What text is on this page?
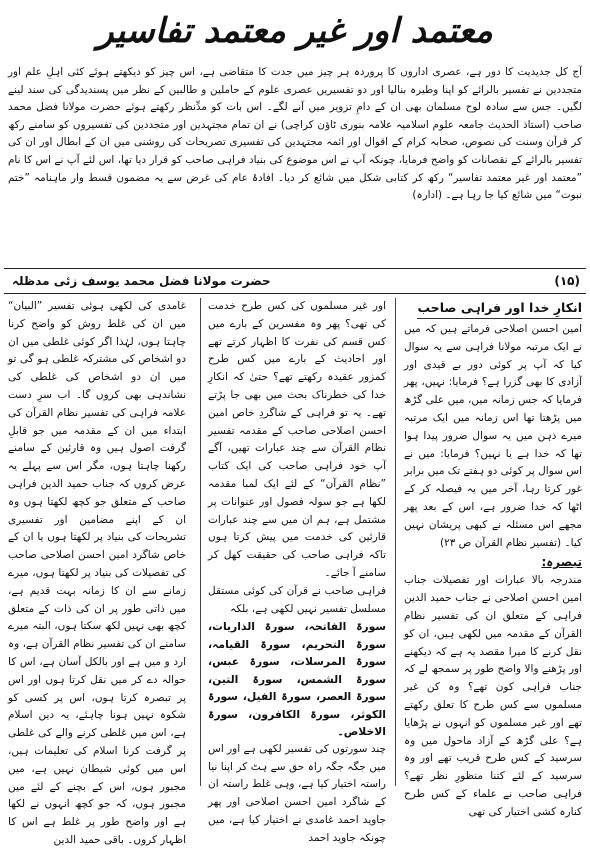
معتمد اور غیر معتمد تفاسیر

آج کل جدیدیت کا دور ہے، عصری اداروں کا پروردہ ہر چیز میں جدت کا متقاضی ہے، اس چیز کو دیکھتے ہوئے کئی اہلِ علم اور متجددین نے تفسیر بالرائے کو اپنا وطیرہ بنالیا اور دو تفسیریں عصری علوم کے حاملین و طالبین کے نظر میں پسندیدگی کی سند لینے لگیں۔ جس سے سادہ لوح مسلمان بھی ان کے دامِ تزویر میں آنے لگے۔ اس بات کو مدِّنظر رکھتے ہوئے حضرت مولانا فضل محمد صاحب (استاذ الحدیث جامعہ علوم اسلامیہ علامہ بنوری ٹاؤن کراچی) نے ان تمام مجتہدین اور متجددین کی تفسیروں کو سامنے رکھ کر قرآن وسنت کی نصوص، صحابہ کرام کے اقوال اور ائمہ مجتہدین کی تفسیری تصریحات کی روشنی میں ان کے ابطال اور ان کی تفسیر بالرائے کے نقصانات کو واضح فرمایا، چونکہ آپ نے اس موضوع کی بنیاد فراہی صاحب کو قرار دیا تھا، اس لئے آپ نے اس کا نام ”معتمد اور غیر معتمد تفاسیر“ رکھ کر کتابی شکل میں شائع کر دیا۔ افادۂ عام کی غرض سے یہ مضمون قسط وار ماہنامہ ”ختم نبوت“ میں شائع کیا جا رہا ہے۔ (ادارہ)

(۱۵)
حضرت مولانا فضل محمد یوسف زئی مدظلہ
انکارِ خدا اور فراہی صاحب

امین احسن اصلاحی فرماتے ہیں کہ میں نے ایک مرتبہ مولانا فراہی سے یہ سوال کیا کہ آپ پر کوئی دور بے قیدی اور آزادی کا بھی گزرا ہے؟ فرمایا: نہیں، پھر فرمایا کہ جس زمانہ میں، میں علی گڑھ میں پڑھتا تھا اس زمانہ میں ایک مرتبہ میرے ذہن میں یہ سوال ضرور پیدا ہوا تھا کہ خدا ہے یا نہیں؟ فرمایا: میں نے اس سوال پر کوئی دو ہفتے تک میں برابر غور کرتا رہا، آخر میں یہ فیصلہ کر کے اٹھا کہ خدا ضرور ہے، اس کے بعد پھر مجھے اس مسئلہ نے کبھی پریشان نہیں کیا۔ (تفسیر نظام القرآن ص ۲۳)

تبصرہ:

مندرجہ بالا عبارات اور تفصیلات جناب امین احسن اصلاحی نے جناب حمید الدین فراہی کے متعلق ان کی تفسیر نظام القرآن کے مقدمہ میں لکھی ہیں، ان کو نقل کرنے کا میرا مقصد یہ ہے کہ دیکھنے اور پڑھنے والا واضح طور پر سمجھ لے کہ جناب فراہی کون تھے؟ وہ کن غیر مسلموں سے کس طرح کا تعلق رکھتے تھے اور غیر مسلموں کو انہوں نے پڑھایا ہے؟ علی گڑھ کے آزاد ماحول میں وہ سرسید کے کس طرح قریب تھے اور وہ سرسید کے لئے کتنا منظورِ نظر تھے؟ فراہی صاحب نے علماء کے کس طرح کنارہ کشی اختیار کی تھی

اور غیر مسلموں کی کس طرح خدمت کی تھی؟ پھر وہ مفسرین کے بارے میں کس قسم کی نفرت کا اظہار کرتے تھے اور احادیث کے بارے میں کس طرح کمزور عقیدہ رکھتے تھے؟ حتیٰ کہ انکارِ خدا کی خطرناک بحث میں بھی جا پڑتے تھے۔ یہ تو فراہی کے شاگردِ خاص امین احسن اصلاحی صاحب کے مقدمہ تفسیر نظام القرآن سے چند عبارات تھیں، آگے آپ خود فراہی صاحب کی ایک کتاب ”نظام القرآن“ کے لئے ایک لمبا مقدمہ لکھا ہے جو سولہ فصول اور عنوانات پر مشتمل ہے، ہم ان میں سے چند عبارات قارئین کی خدمت میں پیش کرتا ہوں تاکہ فراہی صاحب کی حقیقت کھل کر سامنے آ جائے۔

فراہی صاحب نے قرآن کی کوئی مستقل مسلسل تفسیر نہیں لکھی ہے، بلکہ

سورۃ الفاتحہ، سورۃ الذاریات، سورۃ التحریم، سورۃ القیامہ، سورۃ المرسلات، سورۃ عبس، سورۃ الشمس، سورۃ التین، سورۃ العصر، سورۃ الفیل، سورۃ الکوثر، سورۃ الکافرون، سورۃ الاخلاص۔

چند سورتوں کی تفسیر لکھی ہے اور اس میں جگہ جگہ راہ حق سے ہٹ کر اپنا نیا راستہ اختیار کیا ہے، وہی غلط راستہ ان کے شاگرد امین احسن اصلاحی اور پھر جاوید احمد غامدی نے اختیار کیا ہے، میں چونکہ جاوید احمد

غامدی کی لکھی ہوئی تفسیر ”البیان“ میں ان کی غلط روش کو واضح کرنا چاہتا ہوں، لہٰذا اگر کوئی غلطی میں ان دو اشخاص کی مشترکہ غلطی ہو گی تو میں ان دو اشخاص کی غلطی کی نشاندہی بھی کروں گا۔ اب سرِ دست علامہ فراہی کی تفسیر نظام القرآن کی ابتداء میں ان کے مقدمہ میں جو قابلِ گرفت اصول ہیں وہ قارئین کے سامنے رکھنا چاہتا ہوں، مگر اس سے پہلے یہ عرض کروں کہ جناب حمید الدین فراہی صاحب کے متعلق جو کچھ لکھتا ہوں وہ ان کے اپنے مضامین اور تفسیری تشریحات کی بنیاد پر لکھتا ہوں یا ان کے خاص شاگرد امین احسن اصلاحی صاحب کی تفصیلات کی بنیاد پر لکھتا ہوں، میرے زمانے سے ان کا زمانہ بہت قدیم ہے، میں ذاتی طور پر ان کی ذات کے متعلق کچھ بھی نہیں لکھ سکتا ہوں، البتہ میرے سامنے ان کی تفسیر نظام القرآن ہے، وہ ارد و میں ہے اور بالکل آسان ہے، اس کا حوالہ دے کر میں نقل کرتا ہوں اور اس پر تبصرہ کرتا ہوں، اس پر کسی کو شکوہ نہیں ہونا چاہئے، یہ دین اسلام ہے، اس میں غلطی کرنے والے کی غلطی پر گرفت کرنا اسلام کی تعلیمات ہیں، اس میں کوئی شیطان نہیں ہے، میں مجبور ہوں، اس کے بچنے کے لئے میں مجبور ہوں، کہ جو کچھ انہوں نے لکھا ہے اور واضح طور پر غلط ہے اس کا اظہار کروں۔ باقی حمید الدین
